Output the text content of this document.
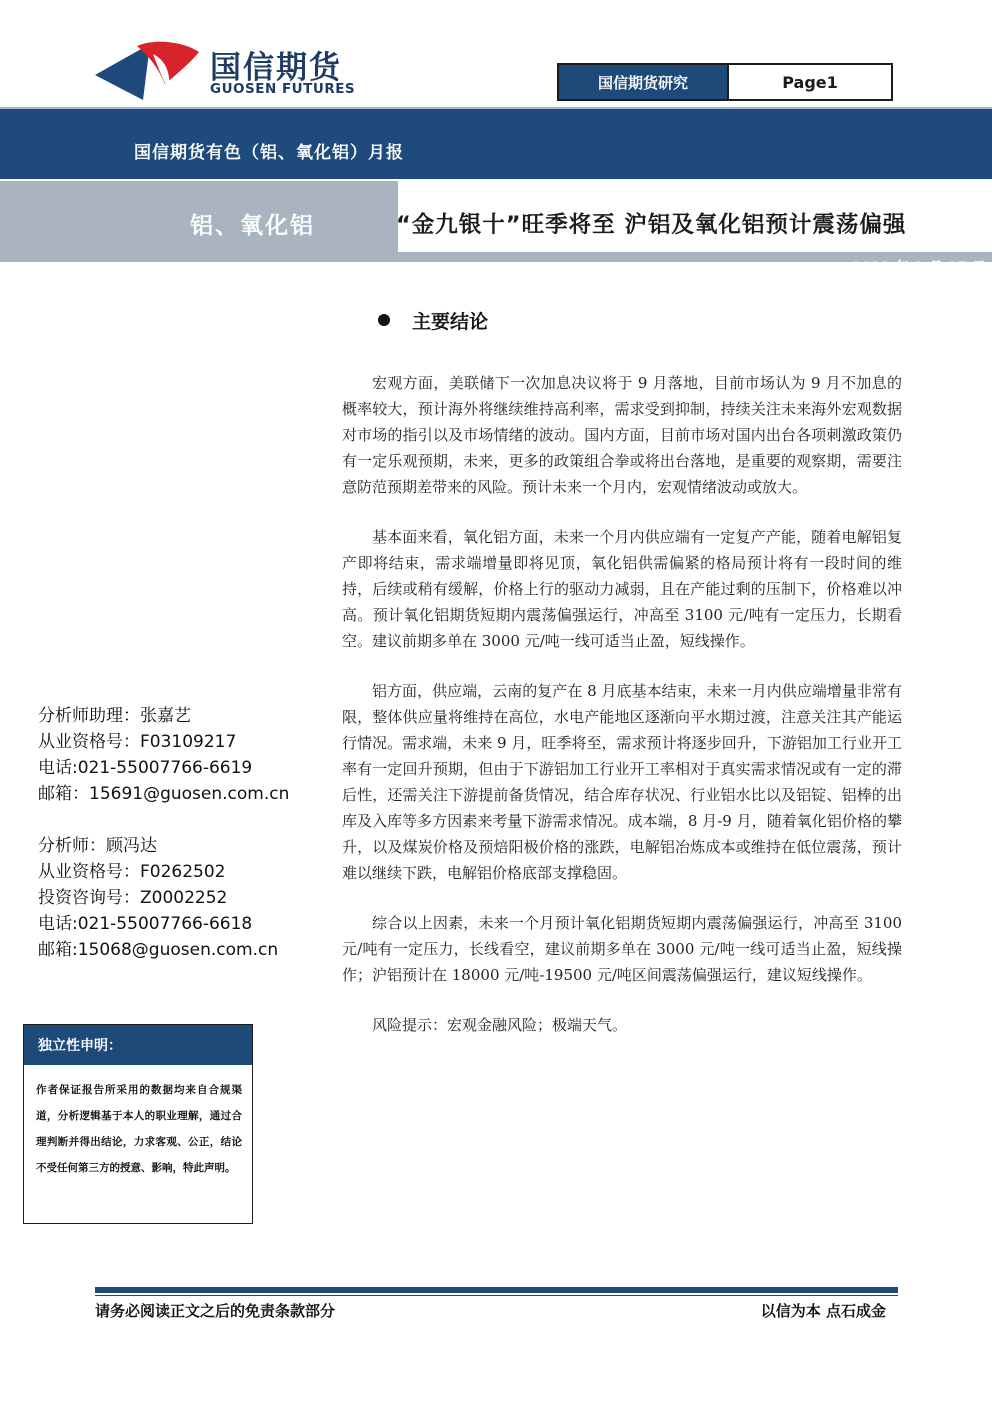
国信期货
GUOSEN FUTURES	国信期货研究	Page1
国信期货有色（铝、氧化铝）月报
铝、氧化铝	“金九银十”旺季将至 沪铝及氧化铝预计震荡偏强
2023 年 8 月 27 日
主要结论

宏观方面，美联储下一次加息决议将于 9 月落地，目前市场认为 9 月不加息的概率较大，预计海外将继续维持高利率，需求受到抑制，持续关注未来海外宏观数据对市场的指引以及市场情绪的波动。国内方面，目前市场对国内出台各项刺激政策仍有一定乐观预期，未来，更多的政策组合拳或将出台落地，是重要的观察期，需要注意防范预期差带来的风险。预计未来一个月内，宏观情绪波动或放大。

基本面来看，氧化铝方面，未来一个月内供应端有一定复产产能，随着电解铝复产即将结束，需求端增量即将见顶，氧化铝供需偏紧的格局预计将有一段时间的维持，后续或稍有缓解，价格上行的驱动力减弱，且在产能过剩的压制下，价格难以冲高。预计氧化铝期货短期内震荡偏强运行，冲高至 3100 元/吨有一定压力，长期看空。建议前期多单在 3000 元/吨一线可适当止盈，短线操作。

铝方面，供应端，云南的复产在 8 月底基本结束，未来一月内供应端增量非常有限，整体供应量将维持在高位，水电产能地区逐渐向平水期过渡，注意关注其产能运行情况。需求端，未来 9 月，旺季将至，需求预计将逐步回升，下游铝加工行业开工率有一定回升预期，但由于下游铝加工行业开工率相对于真实需求情况或有一定的滞后性，还需关注下游提前备货情况，结合库存状况、行业铝水比以及铝锭、铝棒的出库及入库等多方因素来考量下游需求情况。成本端，8 月-9 月，随着氧化铝价格的攀升，以及煤炭价格及预焙阳极价格的涨跌，电解铝冶炼成本或维持在低位震荡，预计难以继续下跌，电解铝价格底部支撑稳固。

综合以上因素，未来一个月预计氧化铝期货短期内震荡偏强运行，冲高至 3100 元/吨有一定压力，长线看空，建议前期多单在 3000 元/吨一线可适当止盈，短线操作；沪铝预计在 18000 元/吨-19500 元/吨区间震荡偏强运行，建议短线操作。

风险提示：宏观金融风险；极端天气。

分析师助理：张嘉艺
从业资格号：F03109217
电话:021-55007766-6619
邮箱：15691@guosen.com.cn
分析师：顾冯达
从业资格号：F0262502
投资咨询号：Z0002252
电话:021-55007766-6618
邮箱:15068@guosen.com.cn
独立性申明：
作者保证报告所采用的数据均来自合规渠道，分析逻辑基于本人的职业理解，通过合理判断并得出结论，力求客观、公正，结论不受任何第三方的授意、影响，特此声明。
请务必阅读正文之后的免责条款部分	以信为本 点石成金
